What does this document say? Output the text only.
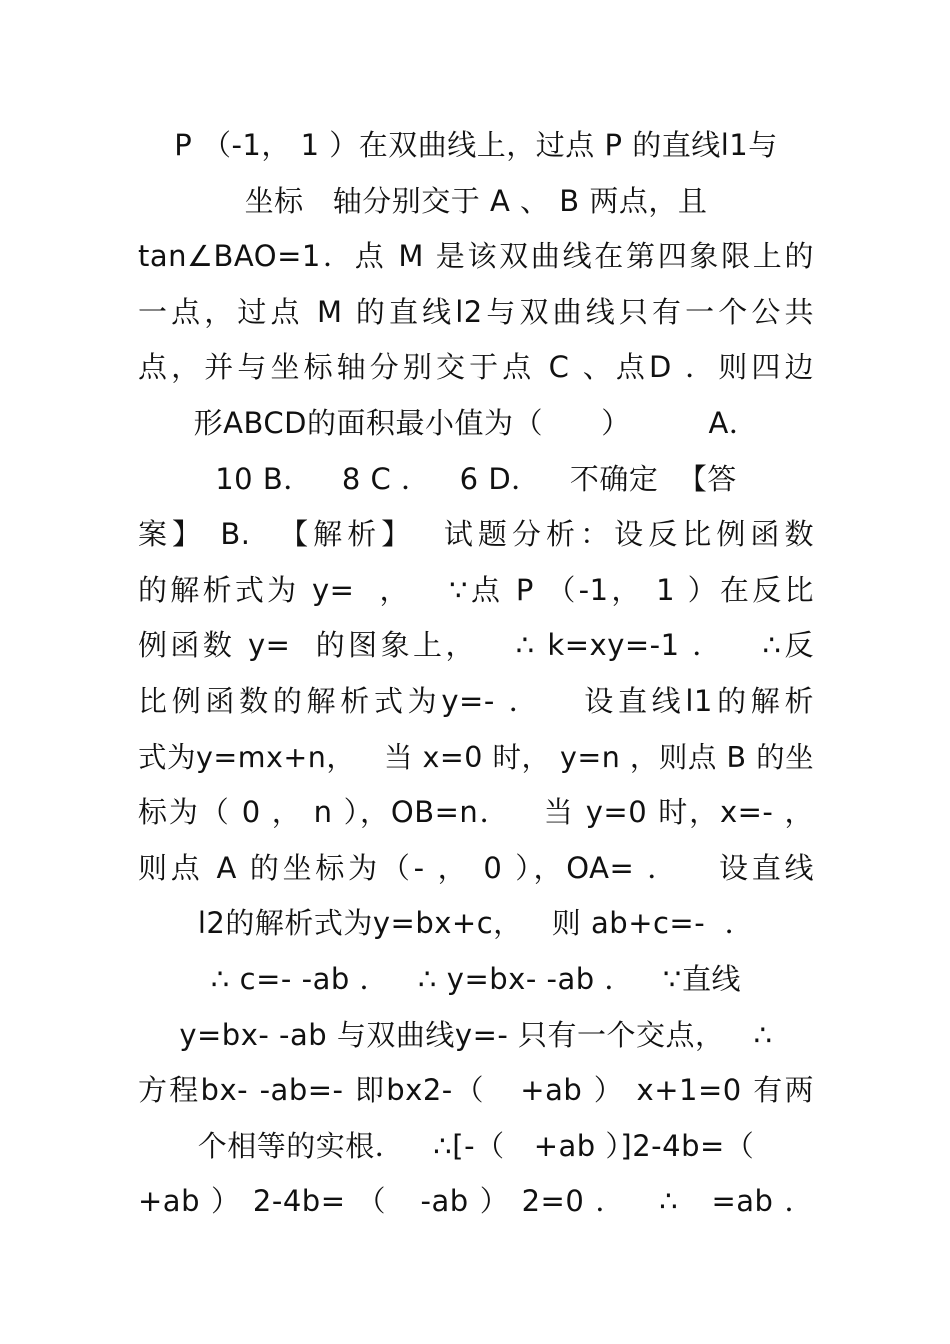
P （-1， 1 ）在双曲线上，过点 P 的直线l1与
坐标   轴分别交于 A 、 B 两点，且
tan∠BAO=1．点 M 是该双曲线在第四象限上的
一点，过点 M 的直线l2与双曲线只有一个公共
点，并与坐标轴分别交于点 C 、点D ．则四边
形ABCD的面积最小值为（      ）        A．
10 B．   8 C ．   6 D．   不确定  【答
案】 B.  【解析】  试题分析：设反比例函数
的解析式为 y=  ，   ∵点 P （-1， 1 ）在反比
例函数 y=  的图象上，   ∴ k=xy=-1 ．   ∴反
比例函数的解析式为y=- ．   设直线l1的解析
式为y=mx+n，   当 x=0 时， y=n ，则点 B 的坐
标为（ 0 ， n ），OB=n．   当 y=0 时，x=- ，
则点 A 的坐标为（- ， 0 ），OA= ．   设直线
l2的解析式为y=bx+c，   则 ab+c=-  ．
∴ c=- -ab ．   ∴ y=bx- -ab ．   ∵直线
y=bx- -ab 与双曲线y=- 只有一个交点，   ∴
方程bx- -ab=- 即bx2-（   +ab ） x+1=0 有两
个相等的实根．   ∴[-（   +ab ）]2-4b=（
+ab ） 2-4b= （   -ab ） 2=0 ．   ∴   =ab ．
